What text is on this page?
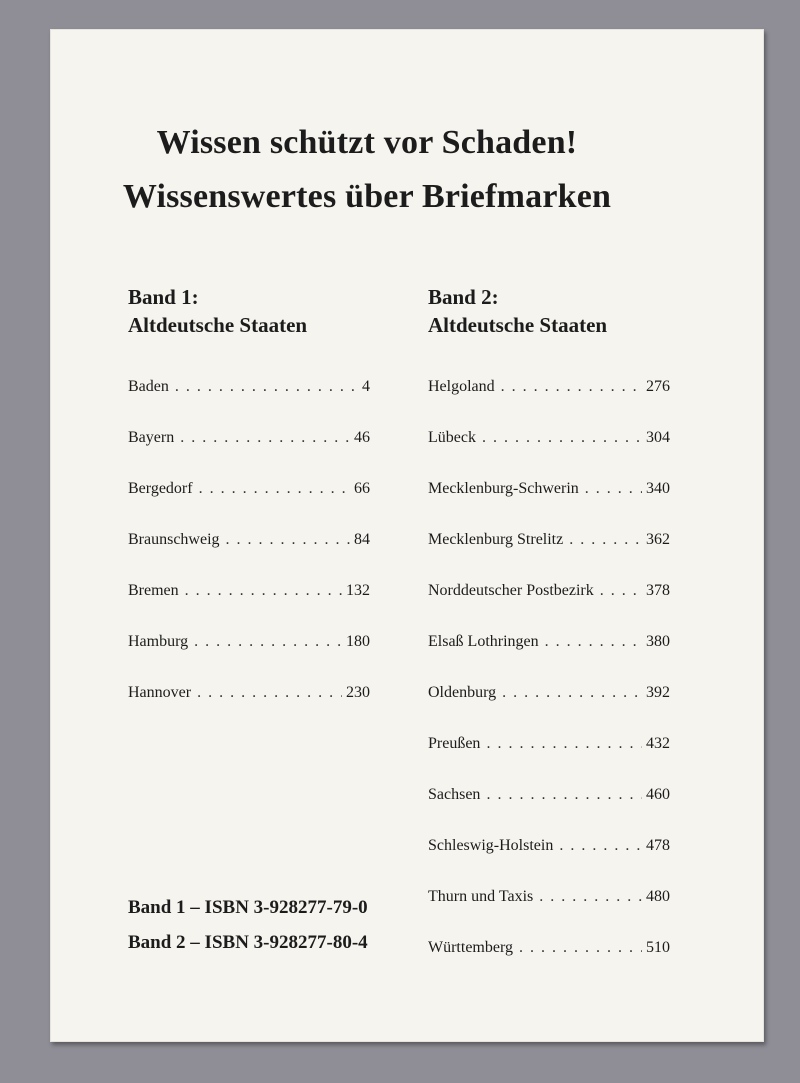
Wissen schützt vor Schaden!
Wissenswertes über Briefmarken
Band 1:
Altdeutsche Staaten
Band 2:
Altdeutsche Staaten
Baden . . .	4
Bayern . . .	46
Bergedorf . . .	66
Braunschweig . . .	84
Bremen . . .	132
Hamburg . . .	180
Hannover . . .	230
Helgoland . . .	276
Lübeck . . .	304
Mecklenburg-Schwerin . . .	340
Mecklenburg Strelitz . . .	362
Norddeutscher Postbezirk . . .	378
Elsaß Lothringen . . .	380
Oldenburg . . .	392
Preußen . . .	432
Sachsen . . .	460
Schleswig-Holstein . . .	478
Thurn und Taxis . . .	480
Württemberg . . .	510
Band 1 – ISBN 3-928277-79-0
Band 2 – ISBN 3-928277-80-4
